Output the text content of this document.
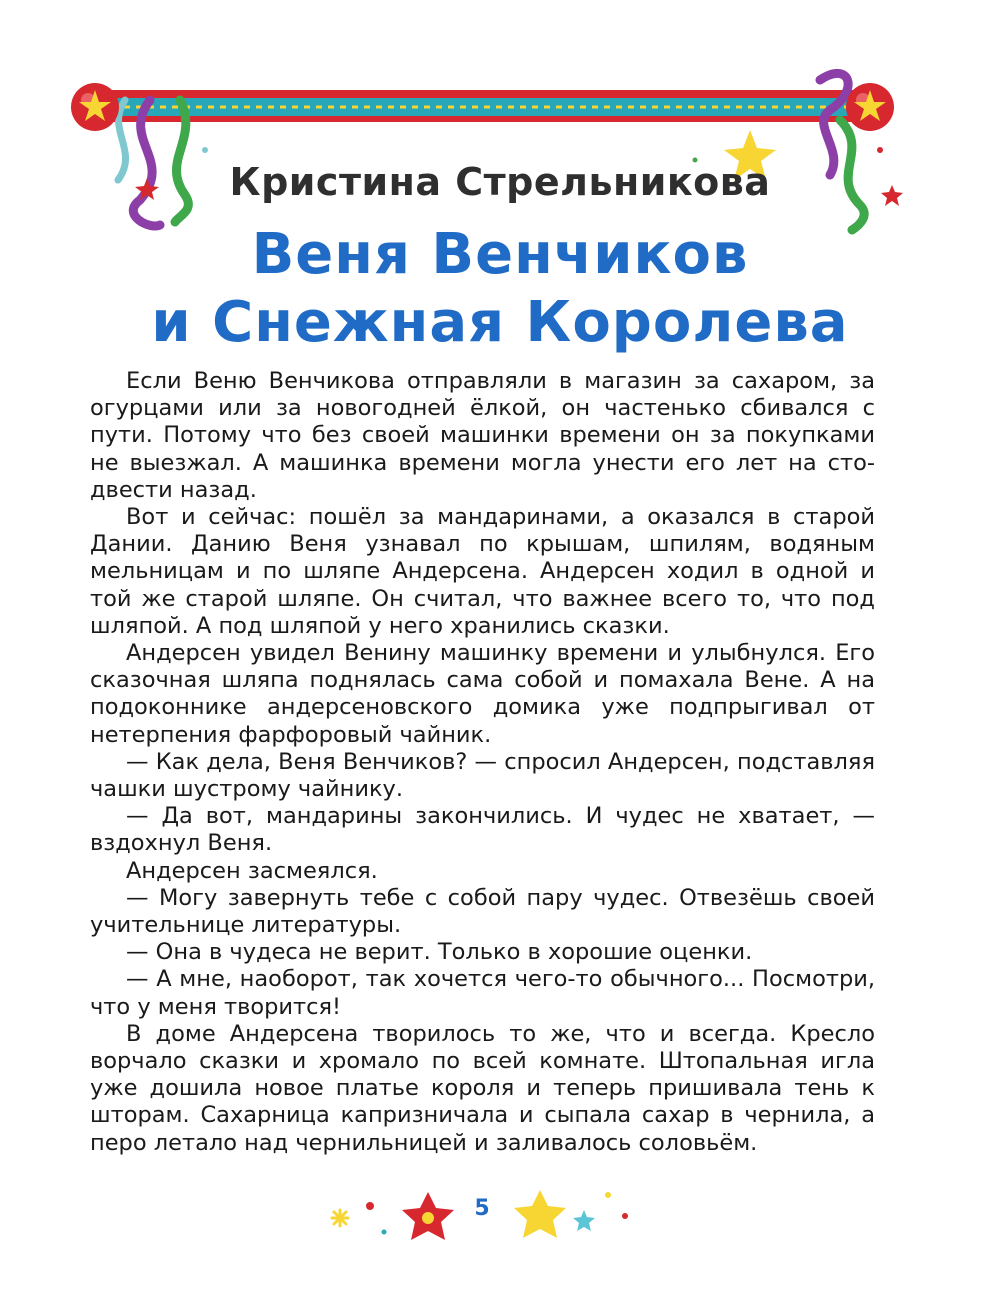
Кристина Стрельникова
Веня Венчиков
и Снежная Королева

Если Веню Венчикова отправляли в магазин за сахаром, за огурцами или за новогодней ёлкой, он частенько сбивался с пути. Потому что без своей машинки времени он за покупками не выезжал. А машинка времени могла унести его лет на сто-двести назад.

Вот и сейчас: пошёл за мандаринами, а оказался в старой Дании. Данию Веня узнавал по крышам, шпилям, водяным мельницам и по шляпе Андерсена. Андерсен ходил в одной и той же старой шляпе. Он считал, что важнее всего то, что под шляпой. А под шляпой у него хранились сказки.

Андерсен увидел Венину машинку времени и улыбнулся. Его сказочная шляпа поднялась сама собой и помахала Вене. А на подоконнике андерсеновского домика уже подпрыгивал от нетерпения фарфоровый чайник.

— Как дела, Веня Венчиков? — спросил Андерсен, подставляя чашки шустрому чайнику.

— Да вот, мандарины закончились. И чудес не хватает, — вздохнул Веня.

Андерсен засмеялся.

— Могу завернуть тебе с собой пару чудес. Отвезёшь своей учительнице литературы.

— Она в чудеса не верит. Только в хорошие оценки.

— А мне, наоборот, так хочется чего-то обычного... Посмотри, что у меня творится!

В доме Андерсена творилось то же, что и всегда. Кресло ворчало сказки и хромало по всей комнате. Штопальная игла уже дошила новое платье короля и теперь пришивала тень к шторам. Сахарница капризничала и сыпала сахар в чернила, а перо летало над чернильницей и заливалось соловьём.

5
